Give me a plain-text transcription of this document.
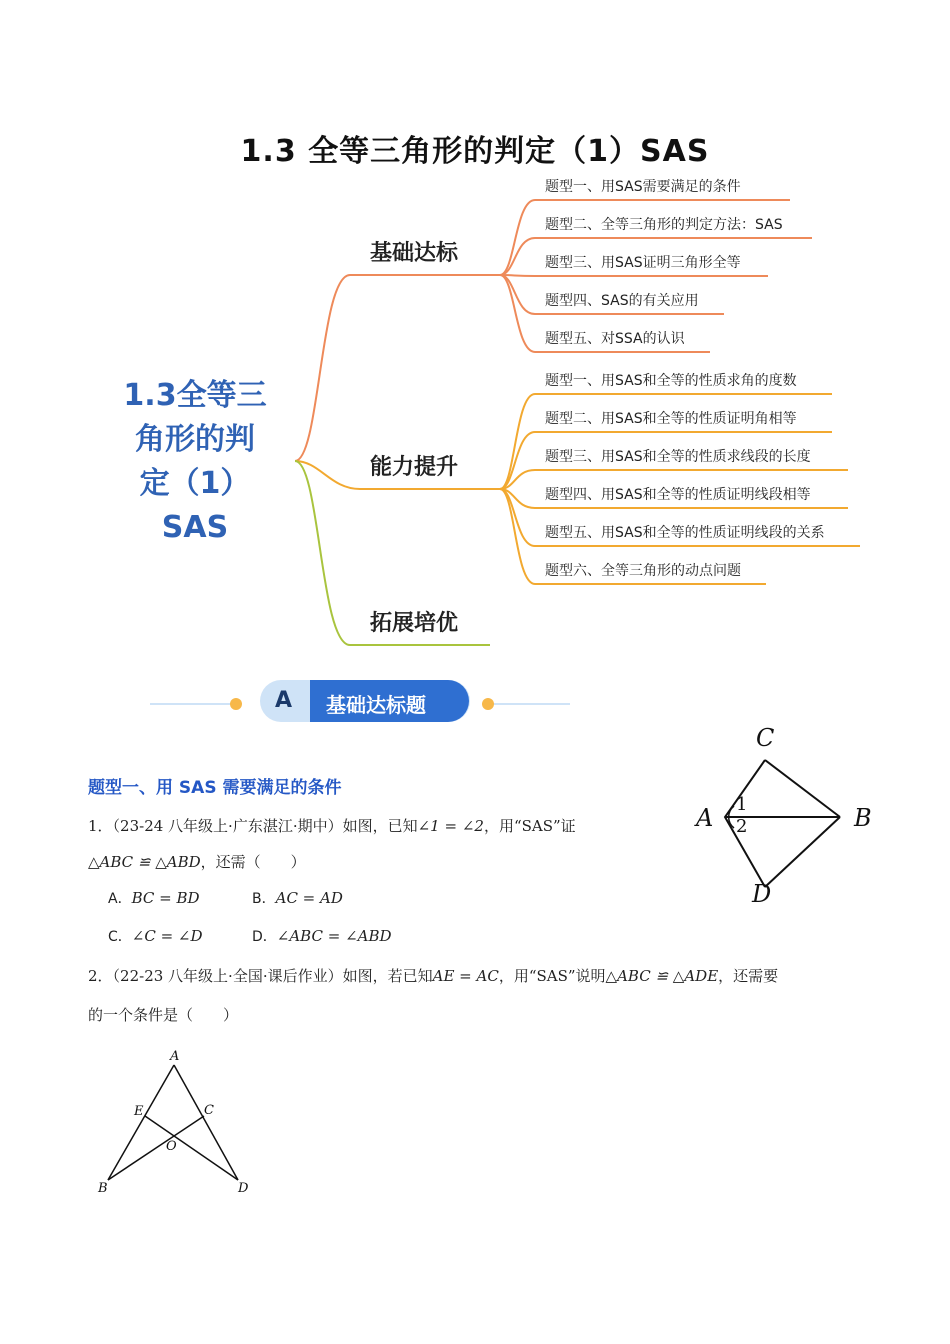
1.3 全等三角形的判定（1）SAS
1.3全等三
角形的判
定（1）
SAS
基础达标
能力提升
拓展培优
题型一、用SAS需要满足的条件
题型二、全等三角形的判定方法：SAS
题型三、用SAS证明三角形全等
题型四、SAS的有关应用
题型五、对SSA的认识
题型一、用SAS和全等的性质求角的度数
题型二、用SAS和全等的性质证明角相等
题型三、用SAS和全等的性质求线段的长度
题型四、用SAS和全等的性质证明线段相等
题型五、用SAS和全等的性质证明线段的关系
题型六、全等三角形的动点问题
A 基础达标题
题型一、用 SAS 需要满足的条件
C
A	B
D
1
2
1．（23-24 八年级上·广东湛江·期中）如图，已知∠1 = ∠2，用“SAS”证
△ABC ≌ △ABD，还需（　　）
A．BC = BD	B．AC = AD
C．∠C = ∠D	D．∠ABC = ∠ABD
2．（22-23 八年级上·全国·课后作业）如图，若已知AE = AC，用“SAS”说明△ABC ≌ △ADE，还需要
的一个条件是（　　）
A
E	C
O
B	D
